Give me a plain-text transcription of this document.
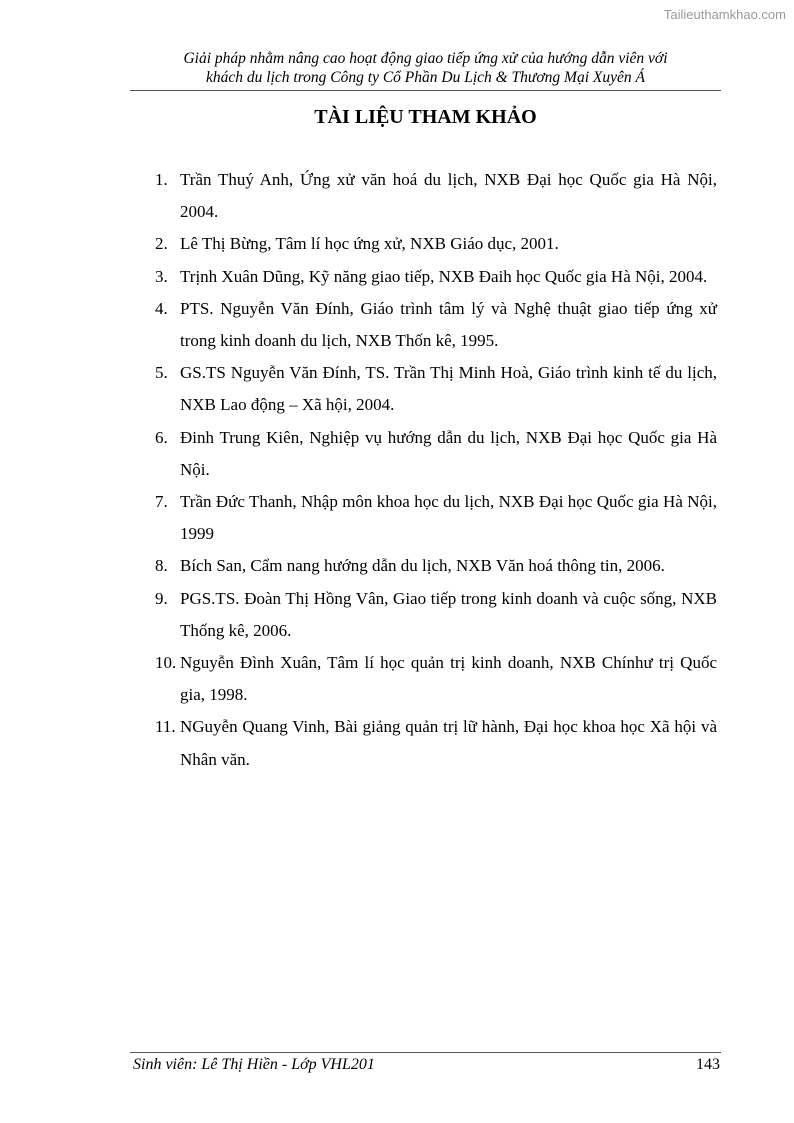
Tailieuthamkhao.com
Giải pháp nhằm nâng cao hoạt động giao tiếp ứng xử của hướng dẫn viên với
khách du lịch trong Công ty Cổ Phần Du Lịch & Thương Mại Xuyên Á
TÀI LIỆU THAM KHẢO
1. Trần Thuý Anh, Ứng xử văn hoá du lịch, NXB Đại học Quốc gia Hà Nội, 2004.
2. Lê Thị Bừng, Tâm lí học ứng xử, NXB Giáo dục, 2001.
3. Trịnh Xuân Dũng, Kỹ năng giao tiếp, NXB Đaih học Quốc gia Hà Nội, 2004.
4. PTS. Nguyễn Văn Đính, Giáo trình tâm lý và Nghệ thuật giao tiếp ứng xử trong kinh doanh du lịch, NXB Thốn kê, 1995.
5. GS.TS Nguyễn Văn Đính, TS. Trần Thị Minh Hoà, Giáo trình kinh tế du lịch, NXB Lao động – Xã hội, 2004.
6. Đinh Trung Kiên, Nghiệp vụ hướng dẫn du lịch, NXB Đại học Quốc gia Hà Nội.
7. Trần Đức Thanh, Nhập môn khoa học du lịch, NXB Đại học Quốc gia Hà Nội, 1999
8. Bích San, Cẩm nang hướng dẫn du lịch, NXB Văn hoá thông tin, 2006.
9. PGS.TS. Đoàn Thị Hồng Vân, Giao tiếp trong kinh doanh và cuộc sống, NXB Thống kê, 2006.
10. Nguyễn Đình Xuân, Tâm lí học quản trị kinh doanh, NXB Chínhư trị Quốc gia, 1998.
11. NGuyễn Quang Vinh, Bài giảng quản trị lữ hành, Đại học khoa học Xã hội và Nhân văn.
Sinh viên: Lê Thị Hiền - Lớp VHL201	143
